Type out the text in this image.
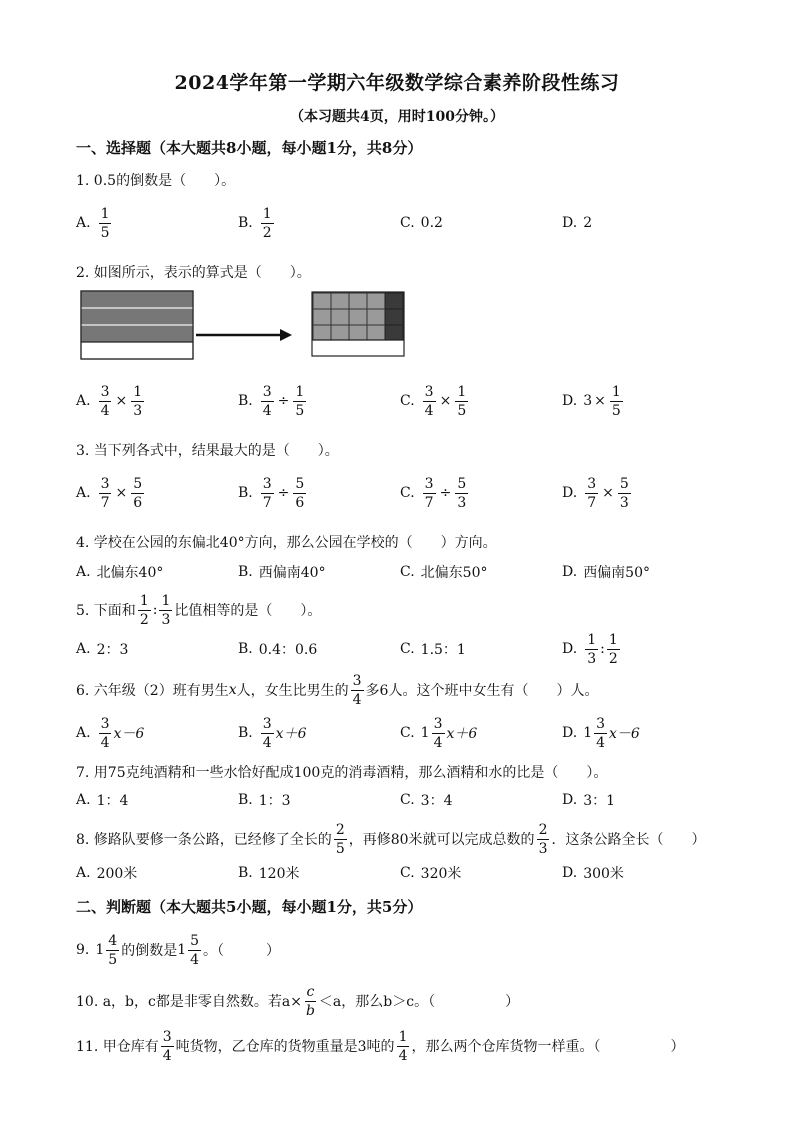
2024学年第一学期六年级数学综合素养阶段性练习
（本习题共4页，用时100分钟。）
一、选择题（本大题共8小题，每小题1分，共8分）
1. 0.5的倒数是（　　）。
A. $\frac{1}{5}$	B. $\frac{1}{2}$	C. 0.2	D. 2
2. 如图所示，表示的算式是（　　）。
A. $\frac{3}{4} \times \frac{1}{3}$	B. $\frac{3}{4} \div \frac{1}{5}$	C. $\frac{3}{4} \times \frac{1}{5}$	D. $3 \times \frac{1}{5}$
3. 当下列各式中，结果最大的是（　　）。
A. $\frac{3}{7} \times \frac{5}{6}$	B. $\frac{3}{7} \div \frac{5}{6}$	C. $\frac{3}{7} \div \frac{5}{3}$	D. $\frac{3}{7} \times \frac{5}{3}$
4. 学校在公园的东偏北40°方向，那么公园在学校的（　　）方向。
A. 北偏东40°	B. 西偏南40°	C. 北偏东50°	D. 西偏南50°
5. 下面和 $\frac{1}{2}$ : $\frac{1}{3}$ 比值相等的是（　　）。
A. 2：3	B. 0.4：0.6	C. 1.5：1	D. $\frac{1}{3}$ : $\frac{1}{2}$
6. 六年级（2）班有男生 x 人，女生比男生的 $\frac{3}{4}$ 多6人。这个班中女生有（　　）人。
A. $\frac{3}{4} x-6$	B. $\frac{3}{4} x+6$	C. $1 \frac{3}{4} x+6$	D. $1 \frac{3}{4} x-6$
7. 用75克纯酒精和一些水恰好配成100克的消毒酒精，那么酒精和水的比是（　　）。
A. 1：4	B. 1：3	C. 3：4	D. 3：1
8. 修路队要修一条公路，已经修了全长的 $\frac{2}{5}$ ，再修80米就可以完成总数的 $\frac{2}{3}$ ．这条公路全长（　　）
A. 200米	B. 120米	C. 320米	D. 300米
二、判断题（本大题共5小题，每小题1分，共5分）
9. $1 \frac{4}{5}$ 的倒数是 $1 \frac{5}{4}$ 。（　　　）
10. a，b，c都是非零自然数。若$a\times \frac{c}{b} <a$，那么b＞c。（　　　　　）
11. 甲仓库有 $\frac{3}{4}$ 吨货物，乙仓库的货物重量是3吨的 $\frac{1}{4}$ ，那么两个仓库货物一样重。（　　　　　）
